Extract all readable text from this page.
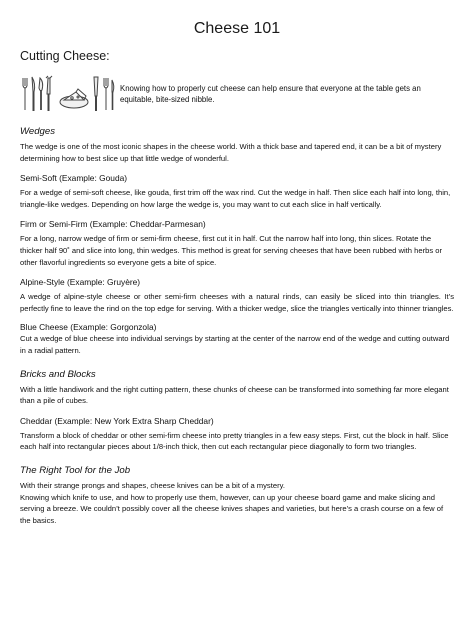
Cheese 101
Cutting Cheese:

Knowing how to properly cut cheese can help ensure that everyone at the table gets an equitable, bite-sized nibble.

Wedges

The wedge is one of the most iconic shapes in the cheese world. With a thick base and tapered end, it can be a bit of mystery determining how to best slice up that little wedge of wonderful.

Semi-Soft (Example: Gouda)

For a wedge of semi-soft cheese, like gouda, first trim off the wax rind. Cut the wedge in half. Then slice each half into long, thin, triangle-like wedges. Depending on how large the wedge is, you may want to cut each slice in half vertically.

Firm or Semi-Firm (Example: Cheddar-Parmesan)

For a long, narrow wedge of firm or semi-firm cheese, first cut it in half. Cut the narrow half into long, thin slices. Rotate the thicker half 90˚ and slice into long, thin wedges. This method is great for serving cheeses that have been rubbed with herbs or other flavorful ingredients so everyone gets a bite of spice.

Alpine-Style (Example: Gruyère)

A wedge of alpine-style cheese or other semi-firm cheeses with a natural rinds, can easily be sliced into thin triangles. It’s perfectly fine to leave the rind on the top edge for serving. With a thicker wedge, slice the triangles vertically into thinner triangles.

Blue Cheese (Example: Gorgonzola)

Cut a wedge of blue cheese into individual servings by starting at the center of the narrow end of the wedge and cutting outward in a radial pattern.

Bricks and Blocks

With a little handiwork and the right cutting pattern, these chunks of cheese can be transformed into something far more elegant than a pile of cubes.

Cheddar (Example: New York Extra Sharp Cheddar)

Transform a block of cheddar or other semi-firm cheese into pretty triangles in a few easy steps. First, cut the block in half. Slice each half into rectangular pieces about 1/8-inch thick, then cut each rectangular piece diagonally to form two triangles.

The Right Tool for the Job

With their strange prongs and shapes, cheese knives can be a bit of a mystery.
Knowing which knife to use, and how to properly use them, however, can up your cheese board game and make slicing and serving a breeze. We couldn’t possibly cover all the cheese knives shapes and varieties, but here’s a crash course on a few of the basics.
